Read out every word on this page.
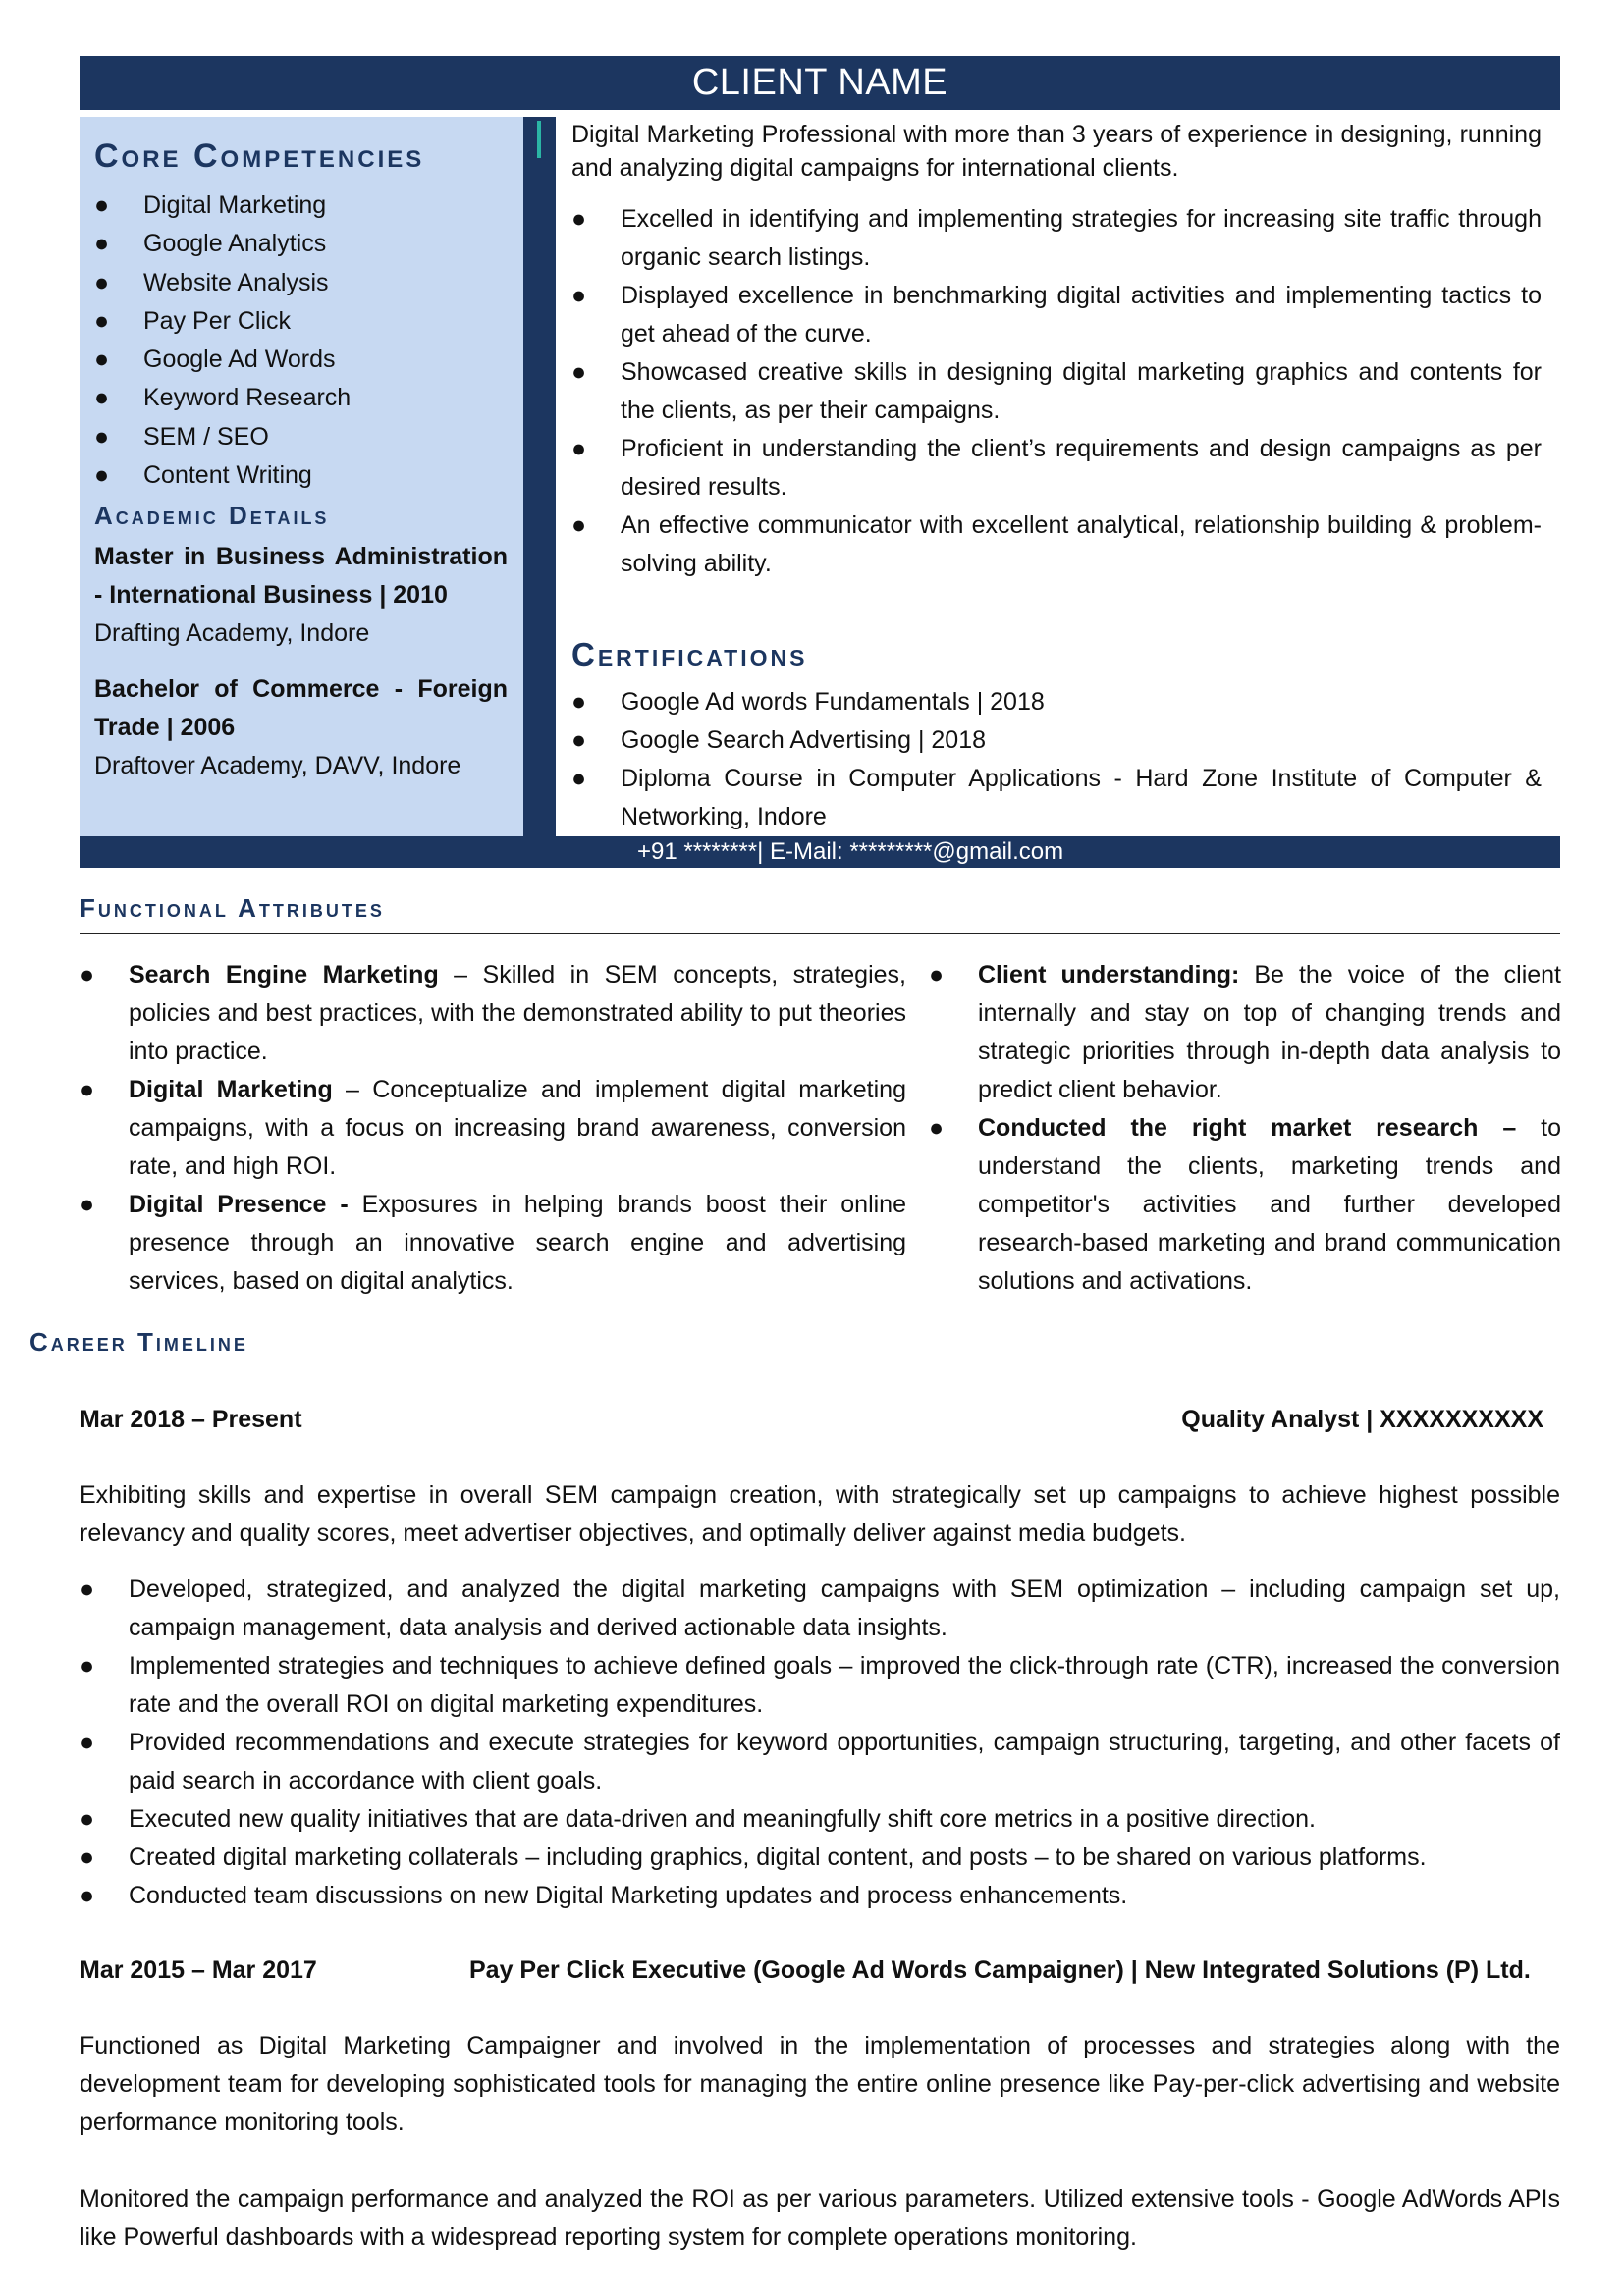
CLIENT NAME
Core Competencies
● Digital Marketing
● Google Analytics
● Website Analysis
● Pay Per Click
● Google Ad Words
● Keyword Research
● SEM / SEO
● Content Writing
Academic Details
Master in Business Administration - International Business | 2010
Drafting Academy, Indore
Bachelor of Commerce - Foreign Trade | 2006
Draftover Academy, DAVV, Indore
Digital Marketing Professional with more than 3 years of experience in designing, running and analyzing digital campaigns for international clients.
● Excelled in identifying and implementing strategies for increasing site traffic through organic search listings.
● Displayed excellence in benchmarking digital activities and implementing tactics to get ahead of the curve.
● Showcased creative skills in designing digital marketing graphics and contents for the clients, as per their campaigns.
● Proficient in understanding the client’s requirements and design campaigns as per desired results.
● An effective communicator with excellent analytical, relationship building & problem-solving ability.
Certifications
● Google Ad words Fundamentals | 2018
● Google Search Advertising | 2018
● Diploma Course in Computer Applications - Hard Zone Institute of Computer & Networking, Indore
+91 ********| E-Mail: *********@gmail.com
Functional Attributes
● Search Engine Marketing – Skilled in SEM concepts, strategies, policies and best practices, with the demonstrated ability to put theories into practice.
● Digital Marketing – Conceptualize and implement digital marketing campaigns, with a focus on increasing brand awareness, conversion rate, and high ROI.
● Digital Presence - Exposures in helping brands boost their online presence through an innovative search engine and advertising services, based on digital analytics.
● Client understanding: Be the voice of the client internally and stay on top of changing trends and strategic priorities through in-depth data analysis to predict client behavior.
● Conducted the right market research – to understand the clients, marketing trends and competitor's activities and further developed research-based marketing and brand communication solutions and activations.
Career Timeline
Mar 2018 – Present	Quality Analyst | XXXXXXXXXX
Exhibiting skills and expertise in overall SEM campaign creation, with strategically set up campaigns to achieve highest possible relevancy and quality scores, meet advertiser objectives, and optimally deliver against media budgets.
● Developed, strategized, and analyzed the digital marketing campaigns with SEM optimization – including campaign set up, campaign management, data analysis and derived actionable data insights.
● Implemented strategies and techniques to achieve defined goals – improved the click-through rate (CTR), increased the conversion rate and the overall ROI on digital marketing expenditures.
● Provided recommendations and execute strategies for keyword opportunities, campaign structuring, targeting, and other facets of paid search in accordance with client goals.
● Executed new quality initiatives that are data-driven and meaningfully shift core metrics in a positive direction.
● Created digital marketing collaterals – including graphics, digital content, and posts – to be shared on various platforms.
● Conducted team discussions on new Digital Marketing updates and process enhancements.
Mar 2015 – Mar 2017	Pay Per Click Executive (Google Ad Words Campaigner) | New Integrated Solutions (P) Ltd.
Functioned as Digital Marketing Campaigner and involved in the implementation of processes and strategies along with the development team for developing sophisticated tools for managing the entire online presence like Pay-per-click advertising and website performance monitoring tools.
Monitored the campaign performance and analyzed the ROI as per various parameters. Utilized extensive tools - Google AdWords APIs like Powerful dashboards with a widespread reporting system for complete operations monitoring.
